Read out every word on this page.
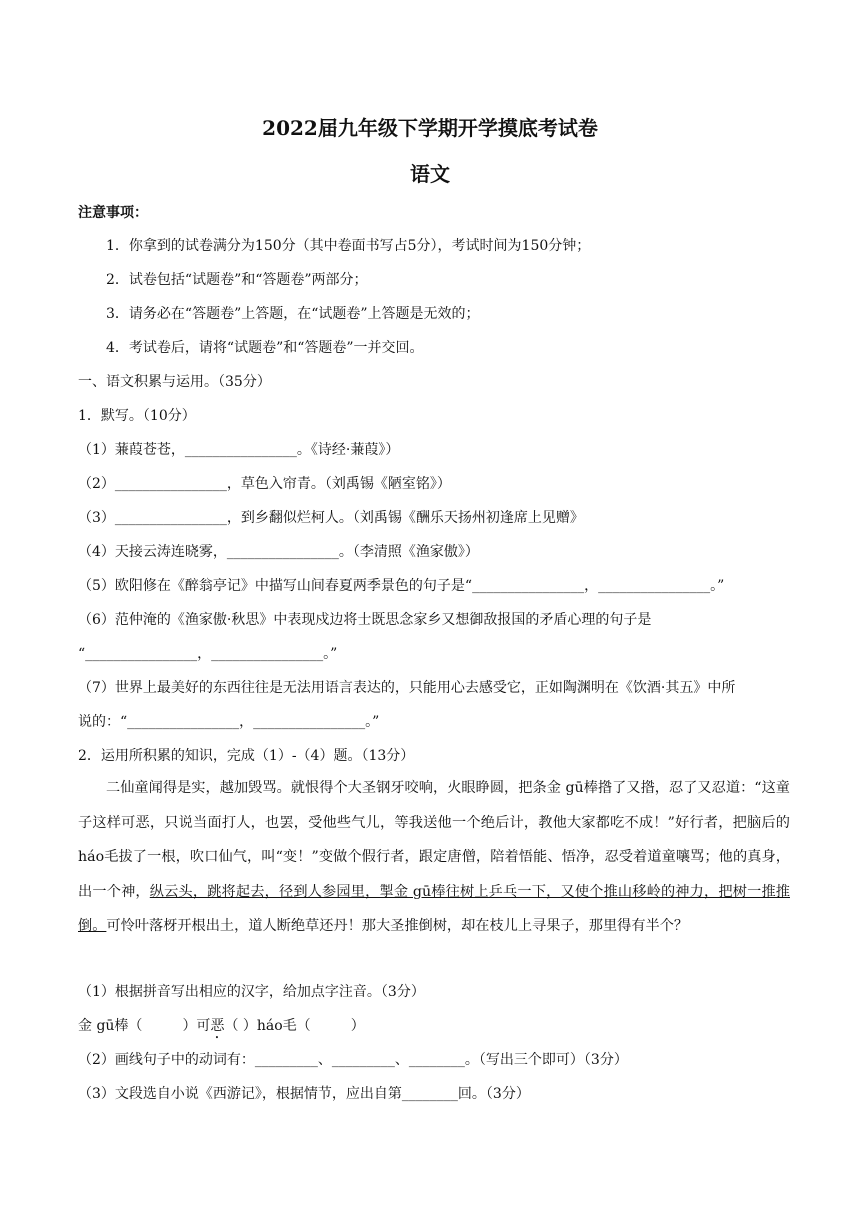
2022届九年级下学期开学摸底考试卷
语文
注意事项：
1．你拿到的试卷满分为150分（其中卷面书写占5分），考试时间为150分钟；
2．试卷包括“试题卷”和“答题卷”两部分；
3．请务必在“答题卷”上答题，在“试题卷”上答题是无效的；
4．考试卷后，请将“试题卷”和“答题卷”一并交回。
一、语文积累与运用。（35分）
1．默写。（10分）
（1）蒹葭苍苍，________________。《诗经·蒹葭》）
（2）________________，草色入帘青。（刘禹锡《陋室铭》）
（3）________________，到乡翻似烂柯人。（刘禹锡《酬乐天扬州初逢席上见赠》
（4）天接云涛连晓雾，________________。（李清照《渔家傲》）
（5）欧阳修在《醉翁亭记》中描写山间春夏两季景色的句子是“________________，________________。”
（6）范仲淹的《渔家傲·秋思》中表现戍边将士既思念家乡又想御敌报国的矛盾心理的句子是
“________________，________________。”
（7）世界上最美好的东西往往是无法用语言表达的，只能用心去感受它，正如陶渊明在《饮酒·其五》中所
说的：“________________，________________。”
2．运用所积累的知识，完成（1）-（4）题。（13分）
二仙童闻得是实，越加毁骂。就恨得个大圣钢牙咬响，火眼睁圆，把条金 gū棒揝了又揝，忍了又忍道：“这童子这样可恶，只说当面打人，也罢，受他些气儿，等我送他一个绝后计，教他大家都吃不成！”好行者，把脑后的 háo毛拔了一根，吹口仙气，叫“变！”变做个假行者，跟定唐僧，陪着悟能、悟净，忍受着道童嚷骂；他的真身，出一个神，纵云头，跳将起去，径到人参园里，掣金 gū棒往树上乒乓一下，又使个推山移岭的神力，把树一推推倒。可怜叶落枒开根出土，道人断绝草还丹！那大圣推倒树，却在枝儿上寻果子，那里得有半个？
（1）根据拼音写出相应的汉字，给加点字注音。（3分）
金 gū棒（	）可恶（ ）háo毛（	）
（2）画线句子中的动词有：_________、_________、________。（写出三个即可）（3分）
（3）文段选自小说《西游记》，根据情节，应出自第________回。（3分）
